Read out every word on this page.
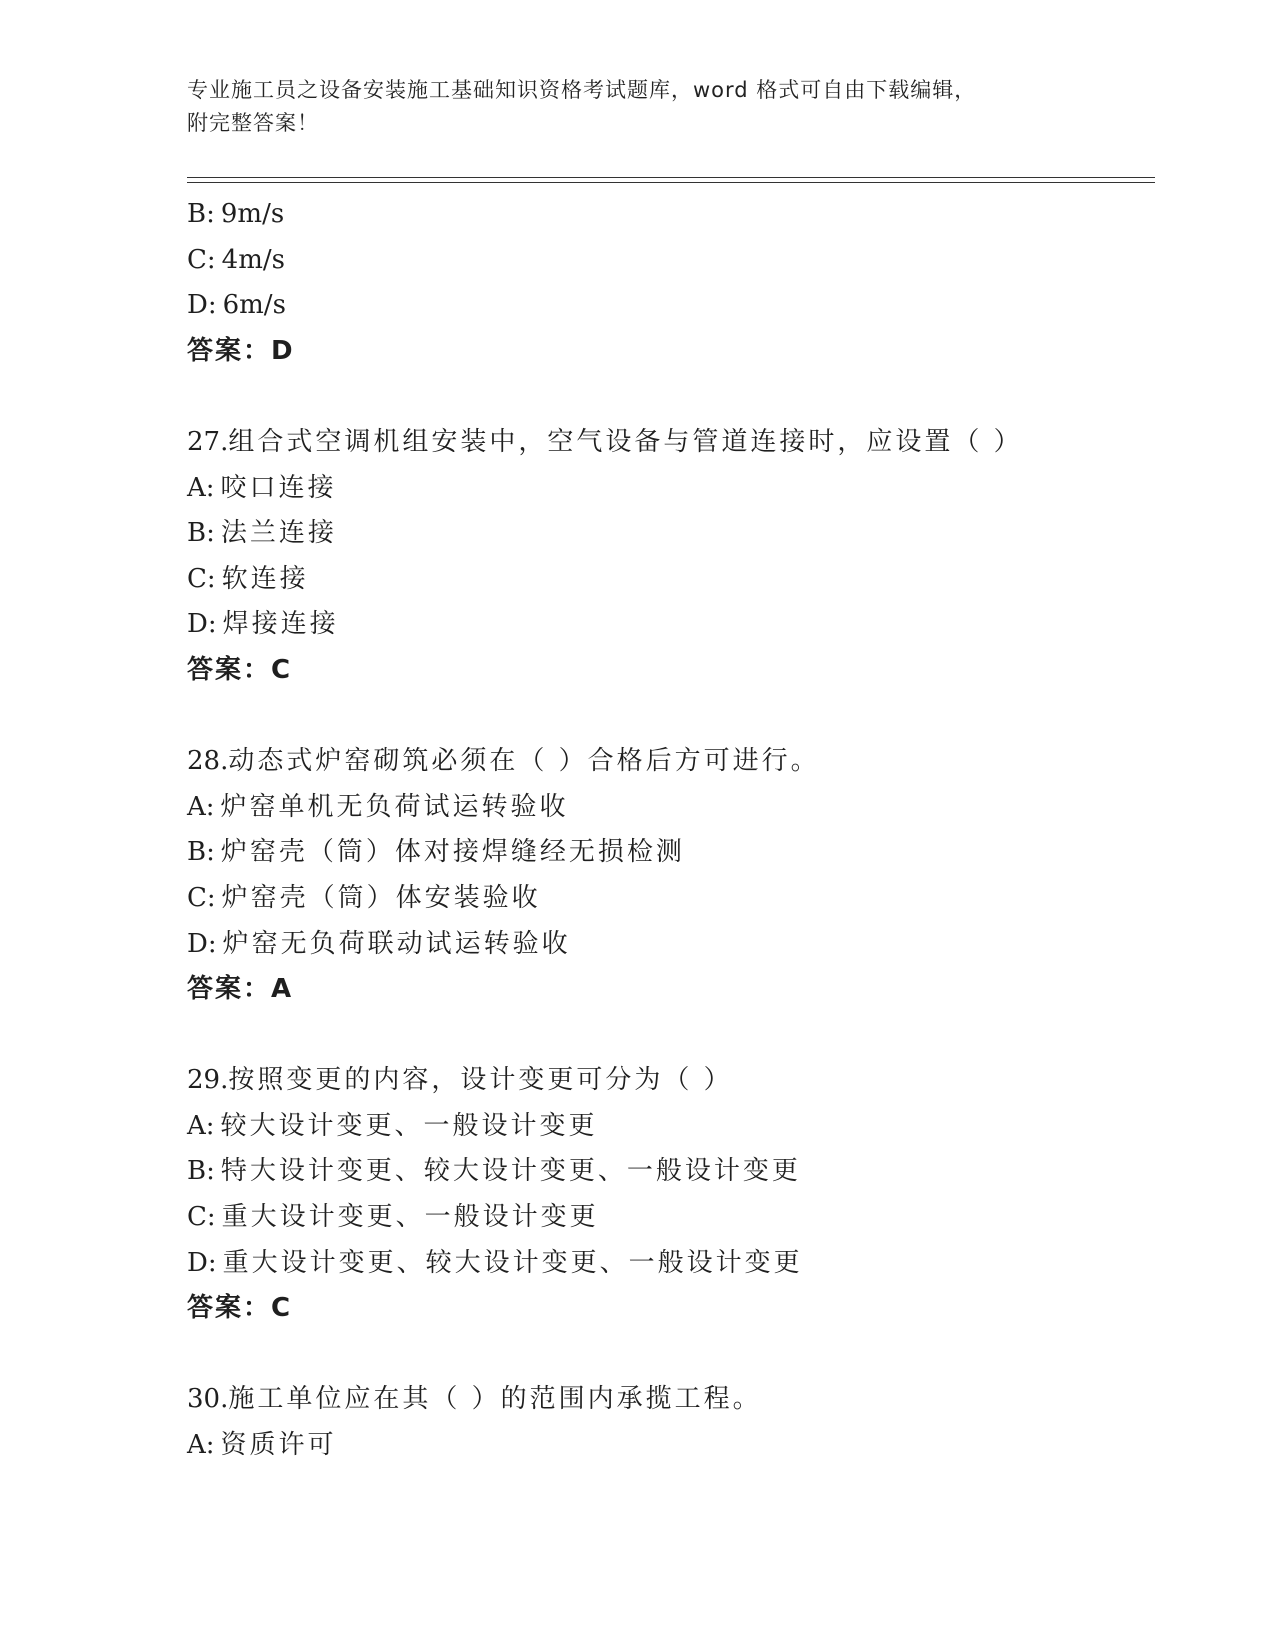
专业施工员之设备安装施工基础知识资格考试题库，word 格式可自由下载编辑，
附完整答案！
B: 9m/s
C: 4m/s
D: 6m/s
答案：D
27.组合式空调机组安装中，空气设备与管道连接时，应设置（ ）
A: 咬口连接
B: 法兰连接
C: 软连接
D: 焊接连接
答案：C
28.动态式炉窑砌筑必须在（ ）合格后方可进行。
A: 炉窑单机无负荷试运转验收
B: 炉窑壳（筒）体对接焊缝经无损检测
C: 炉窑壳（筒）体安装验收
D: 炉窑无负荷联动试运转验收
答案：A
29.按照变更的内容，设计变更可分为（ ）
A: 较大设计变更、一般设计变更
B: 特大设计变更、较大设计变更、一般设计变更
C: 重大设计变更、一般设计变更
D: 重大设计变更、较大设计变更、一般设计变更
答案：C
30.施工单位应在其（ ）的范围内承揽工程。
A: 资质许可
